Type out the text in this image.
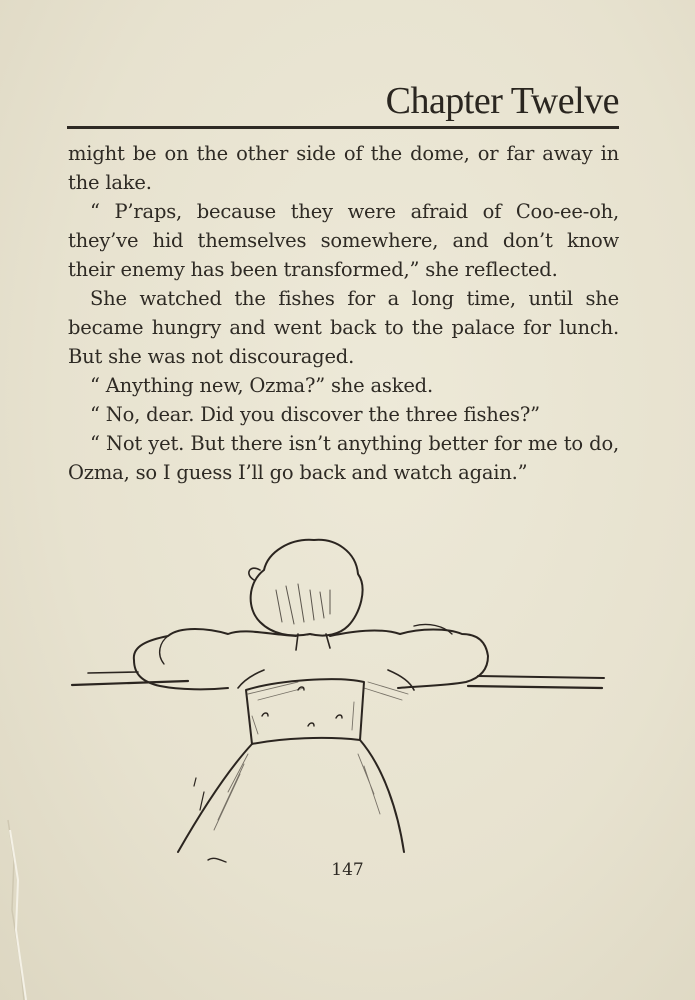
Chapter Twelve

might be on the other side of the dome, or far away in the lake.

“ P’raps, because they were afraid of Coo-ee-oh, they’ve hid themselves somewhere, and don’t know their enemy has been transformed,” she reflected.

She watched the fishes for a long time, until she became hungry and went back to the palace for lunch. But she was not discouraged.

“ Anything new, Ozma?” she asked.

“ No, dear. Did you discover the three fishes?”

“ Not yet. But there isn’t anything better for me to do, Ozma, so I guess I’ll go back and watch again.”

147
